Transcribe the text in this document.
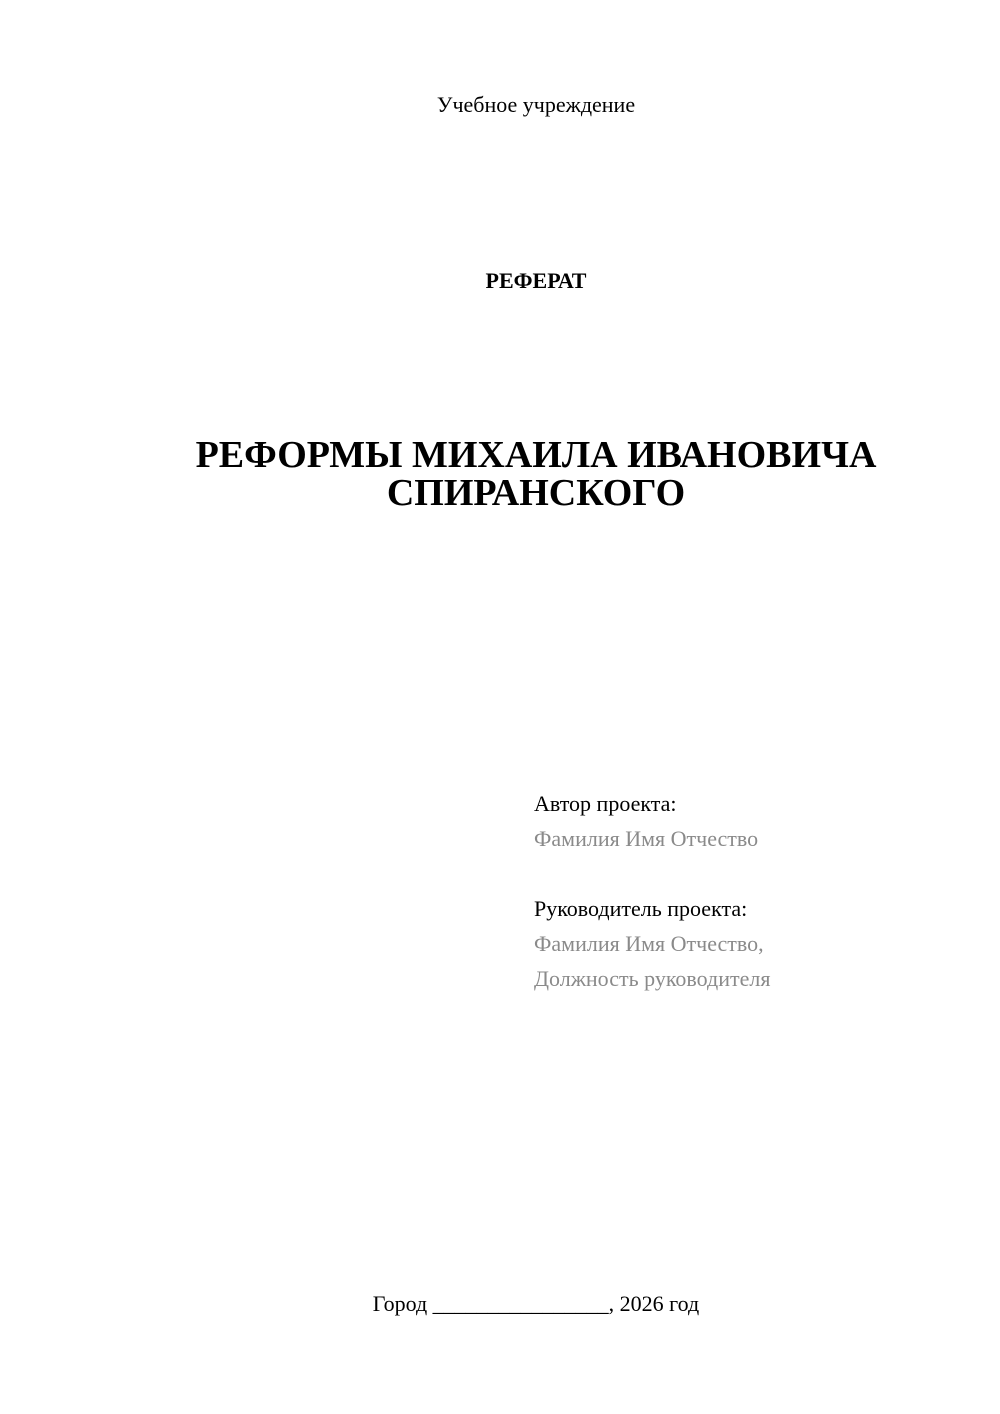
Учебное учреждение
РЕФЕРАТ
РЕФОРМЫ МИХАИЛА ИВАНОВИЧА
СПИРАНСКОГО
Автор проекта:
Фамилия Имя Отчество
Руководитель проекта:
Фамилия Имя Отчество,
Должность руководителя
Город ________________, 2026 год
